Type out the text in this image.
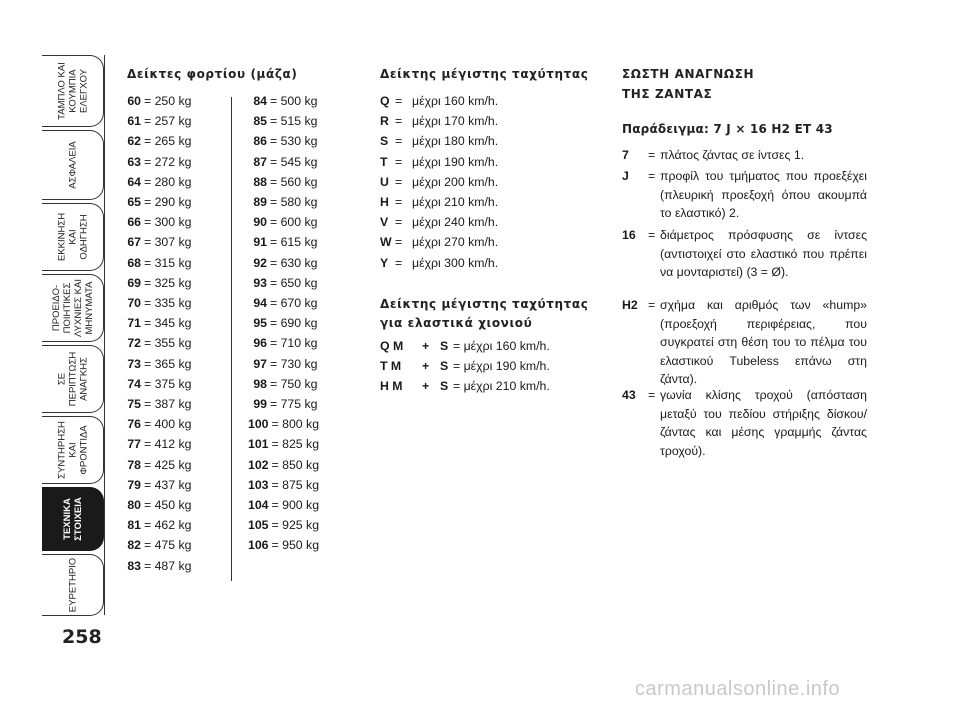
ΤΑΜΠΛΟ ΚΑΙ
ΚΟΥΜΠΙΑ
ΕΛΕΓΧΟΥ
ΑΣΦΑΛΕΙΑ
ΕΚΚΙΝΗΣΗ
ΚΑΙ
ΟΔΗΓΗΣΗ
ΠΡΟΕΙΔΟ-
ΠΟΙΗΤΙΚΕΣ
ΛΥΧΝΙΕΣ ΚΑΙ
ΜΗΝΥΜΑΤΑ
ΣΕ
ΠΕΡΙΠΤΩΣΗ
ΑΝΑΓΚΗΣ
ΣΥΝΤΗΡΗΣΗ
ΚΑΙ
ΦΡΟΝΤΙΔΑ
ΤΕΧΝΙΚΑ
ΣΤΟΙΧΕΙΑ
ΕΥΡΕΤΗΡΙΟ
258
Δείκτες φορτίου (μάζα)
60 = 250 kg
61 = 257 kg
62 = 265 kg
63 = 272 kg
64 = 280 kg
65 = 290 kg
66 = 300 kg
67 = 307 kg
68 = 315 kg
69 = 325 kg
70 = 335 kg
71 = 345 kg
72 = 355 kg
73 = 365 kg
74 = 375 kg
75 = 387 kg
76 = 400 kg
77 = 412 kg
78 = 425 kg
79 = 437 kg
80 = 450 kg
81 = 462 kg
82 = 475 kg
83 = 487 kg
84 = 500 kg
85 = 515 kg
86 = 530 kg
87 = 545 kg
88 = 560 kg
89 = 580 kg
90 = 600 kg
91 = 615 kg
92 = 630 kg
93 = 650 kg
94 = 670 kg
95 = 690 kg
96 = 710 kg
97 = 730 kg
98 = 750 kg
99 = 775 kg
100 = 800 kg
101 = 825 kg
102 = 850 kg
103 = 875 kg
104 = 900 kg
105 = 925 kg
106 = 950 kg
Δείκτης μέγιστης ταχύτητας
Q = μέχρι 160 km/h.
R = μέχρι 170 km/h.
S = μέχρι 180 km/h.
T = μέχρι 190 km/h.
U = μέχρι 200 km/h.
H = μέχρι 210 km/h.
V = μέχρι 240 km/h.
W = μέχρι 270 km/h.
Y = μέχρι 300 km/h.
Δείκτης μέγιστης ταχύτητας
για ελαστικά χιονιού
Q M + S = μέχρι 160 km/h.
T M + S = μέχρι 190 km/h.
H M + S = μέχρι 210 km/h.
ΣΩΣΤΗ ΑΝΑΓΝΩΣΗ
ΤΗΣ ΖΑΝΤΑΣ
Παράδειγμα: 7 J × 16 H2 ET 43
7 = πλάτος ζάντας σε ίντσες 1.
J = προφίλ του τμήματος που προεξέχει (πλευρική προεξοχή όπου ακουμπά το ελαστικό) 2.
16 = διάμετρος πρόσφυσης σε ίντσες (αντιστοιχεί στο ελαστικό που πρέπει να μονταριστεί) (3 = Ø).
H2 = σχήμα και αριθμός των «hump» (προεξοχή περιφέρειας, που συγκρατεί στη θέση του το πέλμα του ελαστικού Tubeless επάνω στη ζάντα).
43 = γωνία κλίσης τροχού (απόσταση μεταξύ του πεδίου στήριξης δίσκου/ζάντας και μέσης γραμμής ζάντας τροχού).
carmanualsonline.info
